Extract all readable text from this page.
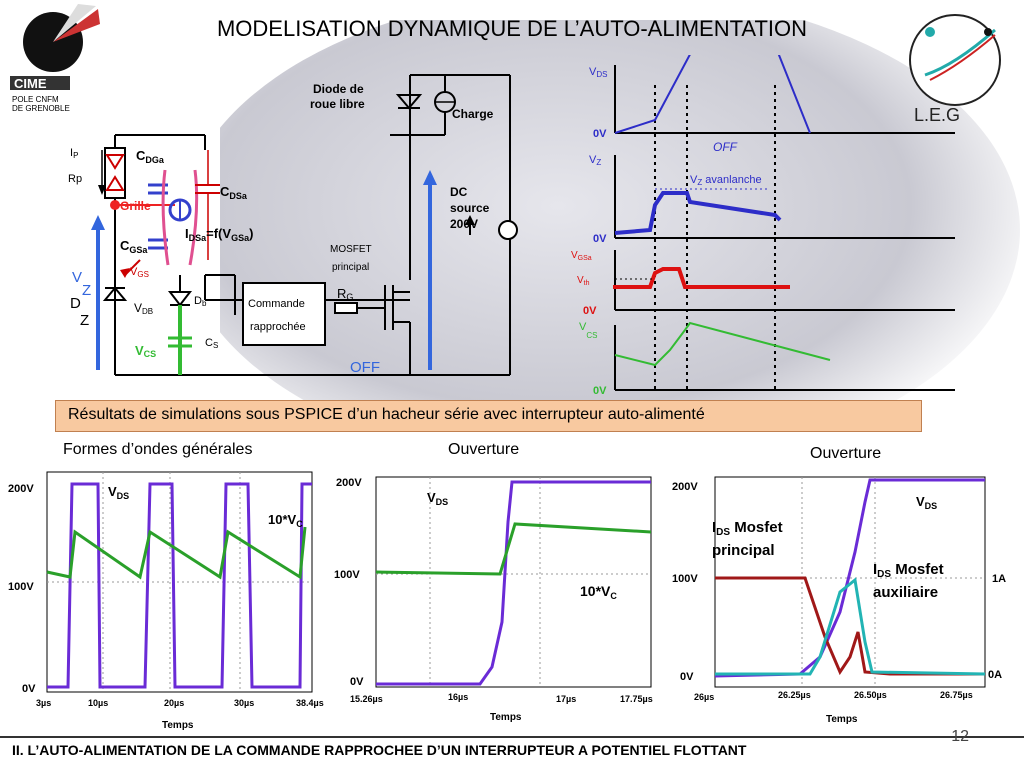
MODELISATION DYNAMIQUE DE L’AUTO-ALIMENTATION
CIME
POLE CNFM
DE GRENOBLE	L.E.G
Diode de
roue libre
Charge
DC
source
200V
IP
Rp
$C_{DGa}$
$C_{DSa}$
Grille
$I_{DSa}=f(V_{GSa})$
$C_{GSa}$	MOSFET
principal
V
Z
D
Z
VGS
VDB
Db	Commande
rapprochée
RG
VCS
CS
OFF
VDS
0V
OFF
VZ
VZ avanlanche
0V
$V_{GSa}$
$V_{th}$
0V
$V_{CS}$
0V
Résultats de simulations sous PSPICE d’un hacheur série avec interrupteur auto-alimenté
Formes d’ondes générales
200V
100V
0V
3µs	10µs	20µs	30µs	38.4µs
Temps
$V_{DS}$
$10*V_C$
Ouverture
200V
100V
0V
15.26µs	16µs	17µs	17.75µs
Temps
$V_{DS}$
$10*V_C$
Ouverture
200V
100V
0V
1A
0A
26µs	26.25µs	26.50µs	26.75µs
Temps
$V_{DS}$
$I_{DS}$ Mosfet
principal
$I_{DS}$ Mosfet
auxiliaire
II. L’AUTO-ALIMENTATION DE LA COMMANDE RAPPROCHEE D’UN INTERRUPTEUR A POTENTIEL FLOTTANT
12
